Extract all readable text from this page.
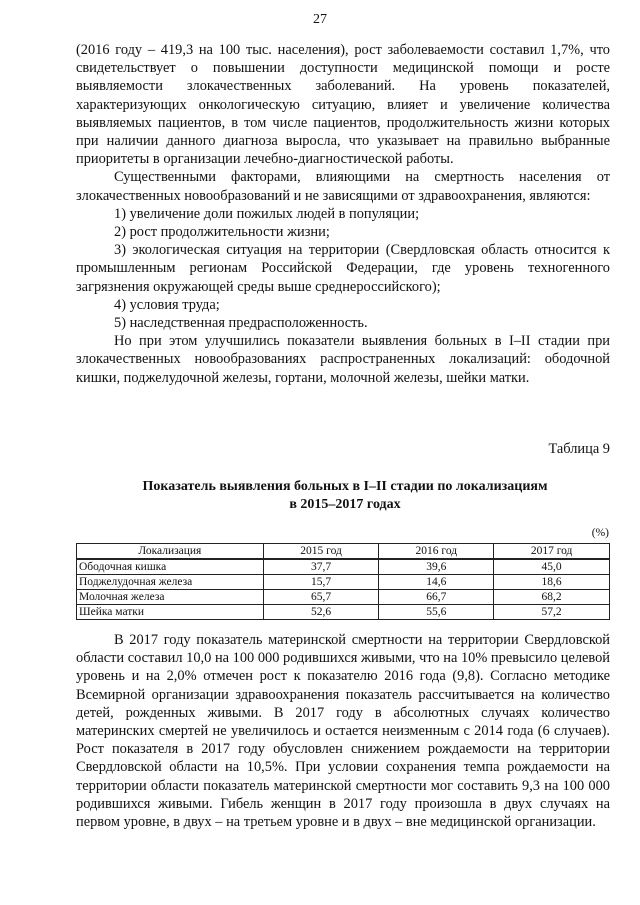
27

(2016 году – 419,3 на 100 тыс. населения), рост заболеваемости составил 1,7%, что свидетельствует о повышении доступности медицинской помощи и росте выявляемости злокачественных заболеваний. На уровень показателей, характеризующих онкологическую ситуацию, влияет и увеличение количества выявляемых пациентов, в том числе пациентов, продолжительность жизни которых при наличии данного диагноза выросла, что указывает на правильно выбранные приоритеты в организации лечебно-диагностической работы.

Существенными факторами, влияющими на смертность населения от злокачественных новообразований и не зависящими от здравоохранения, являются:

1) увеличение доли пожилых людей в популяции;

2) рост продолжительности жизни;

3) экологическая ситуация на территории (Свердловская область относится к промышленным регионам Российской Федерации, где уровень техногенного загрязнения окружающей среды выше среднероссийского);

4) условия труда;

5) наследственная предрасположенность.

Но при этом улучшились показатели выявления больных в I–II стадии при злокачественных новообразованиях распространенных локализаций: ободочной кишки, поджелудочной железы, гортани, молочной железы, шейки матки.

Таблица 9
Показатель выявления больных в I–II стадии по локализациям
в 2015–2017 годах
(%)
Локализация	2015 год	2016 год	2017 год
Ободочная кишка	37,7	39,6	45,0
Поджелудочная железа	15,7	14,6	18,6
Молочная железа	65,7	66,7	68,2
Шейка матки	52,6	55,6	57,2

В 2017 году показатель материнской смертности на территории Свердловской области составил 10,0 на 100 000 родившихся живыми, что на 10% превысило целевой уровень и на 2,0% отмечен рост к показателю 2016 года (9,8). Согласно методике Всемирной организации здравоохранения показатель рассчитывается на количество детей, рожденных живыми. В 2017 году в абсолютных случаях количество материнских смертей не увеличилось и остается неизменным с 2014 года (6 случаев). Рост показателя в 2017 году обусловлен снижением рождаемости на территории Свердловской области на 10,5%. При условии сохранения темпа рождаемости на территории области показатель материнской смертности мог составить 9,3 на 100 000 родившихся живыми. Гибель женщин в 2017 году произошла в двух случаях на первом уровне, в двух – на третьем уровне и в двух – вне медицинской организации.
